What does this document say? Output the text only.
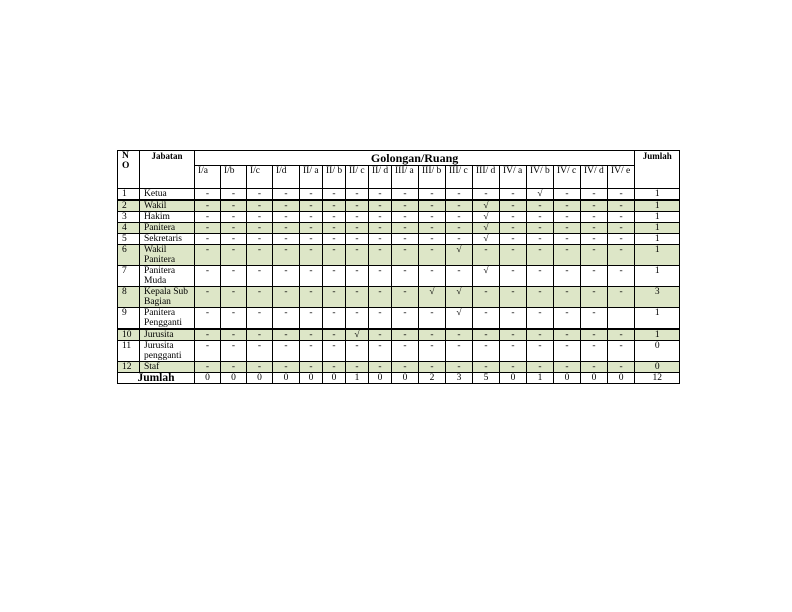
N O	Jabatan	Golongan/Ruang																	Jumlah
		I/a	I/b	I/c	I/d	II/ a	II/ b	II/ c	II/ d	III/ a	III/ b	III/ c	III/ d	IV/ a	IV/ b	IV/ c	IV/ d	IV/ e	
1	Ketua	-	-	-	-	-	-	-	-	-	-	-	-	-	√	-	-	-	1
2	Wakil	-	-	-	-	-	-	-	-	-	-	-	√	-	-	-	-	-	1
3	Hakim	-	-	-	-	-	-	-	-	-	-	-	√	-	-	-	-	-	1
4	Panitera	-	-	-	-	-	-	-	-	-	-	-	√	-	-	-	-	-	1
5	Sekretaris	-	-	-	-	-	-	-	-	-	-	-	√	-	-	-	-	-	1
6	Wakil Panitera	-	-	-	-	-	-	-	-	-	-	√	-	-	-	-	-	-	1
7	Panitera Muda	-	-	-	-	-	-	-	-	-	-	-	√	-	-	-	-	-	1
8	Kepala Sub Bagian	-	-	-	-	-	-	-	-	-	√	√	-	-	-	-	-	-	3
9	Panitera Pengganti	-	-	-	-	-	-	-	-	-	-	√	-	-	-	-	-		1
10	Jurusita	-	-	-	-	-	-	√	-	-	-	-	-	-	-	-	-	-	1
11	Jurusita pengganti	-	-	-	-	-	-	-	-	-	-	-	-	-	-	-	-	-	0
12	Staf	-	-	-	-	-	-	-	-	-	-	-	-	-	-	-	-	-	0
Jumlah		0	0	0	0	0	0	1	0	0	2	3	5	0	1	0	0	0	12
